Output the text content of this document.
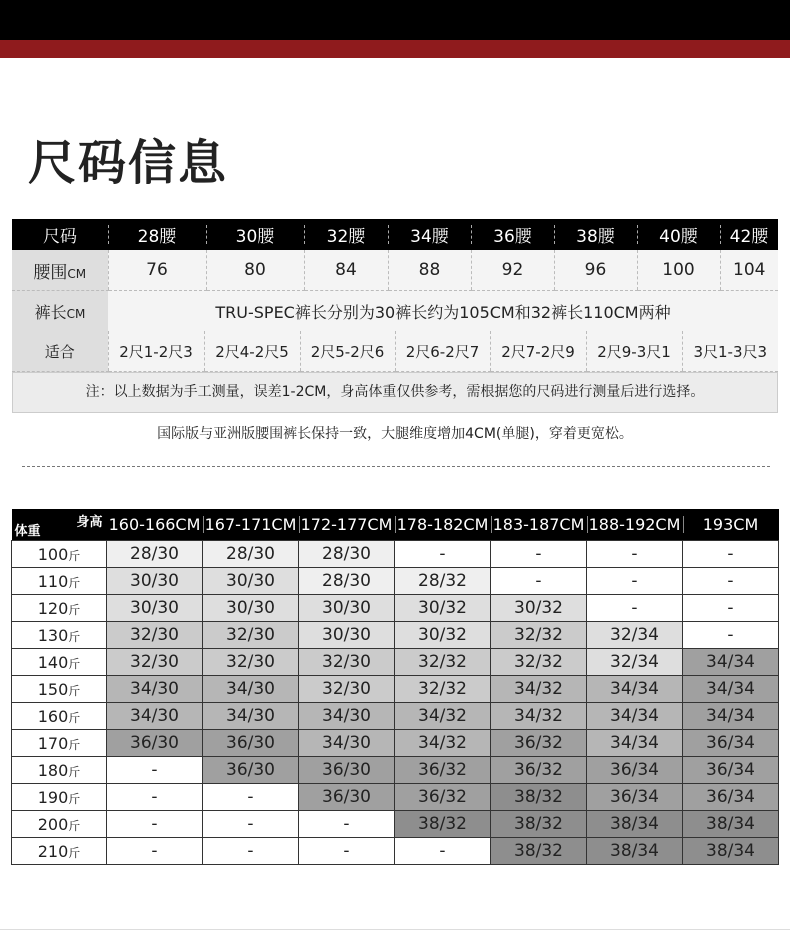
尺码信息
尺码	28腰	30腰	32腰	34腰	36腰	38腰	40腰	42腰
腰围CM	76	80	84	88	92	96	100	104
裤长CM	TRU-SPEC裤长分别为30裤长约为105CM和32裤长110CM两种							
适合	2尺1-2尺3	2尺4-2尺5	2尺5-2尺6	2尺6-2尺7	2尺7-2尺9	2尺9-3尺1	3尺1-3尺3
注：以上数据为手工测量，误差1-2CM，身高体重仅供参考，需根据您的尺码进行测量后进行选择。
国际版与亚洲版腰围裤长保持一致，大腿维度增加4CM(单腿)，穿着更宽松。
身高
体重	160-166CM	167-171CM	172-177CM	178-182CM	183-187CM	188-192CM	193CM
100斤	28/30	28/30	28/30	-	-	-	-
110斤	30/30	30/30	28/30	28/32	-	-	-
120斤	30/30	30/30	30/30	30/32	30/32	-	-
130斤	32/30	32/30	30/30	30/32	32/32	32/34	-
140斤	32/30	32/30	32/30	32/32	32/32	32/34	34/34
150斤	34/30	34/30	32/30	32/32	34/32	34/34	34/34
160斤	34/30	34/30	34/30	34/32	34/32	34/34	34/34
170斤	36/30	36/30	34/30	34/32	36/32	34/34	36/34
180斤	-	36/30	36/30	36/32	36/32	36/34	36/34
190斤	-	-	36/30	36/32	38/32	36/34	36/34
200斤	-	-	-	38/32	38/32	38/34	38/34
210斤	-	-	-	-	38/32	38/34	38/34
